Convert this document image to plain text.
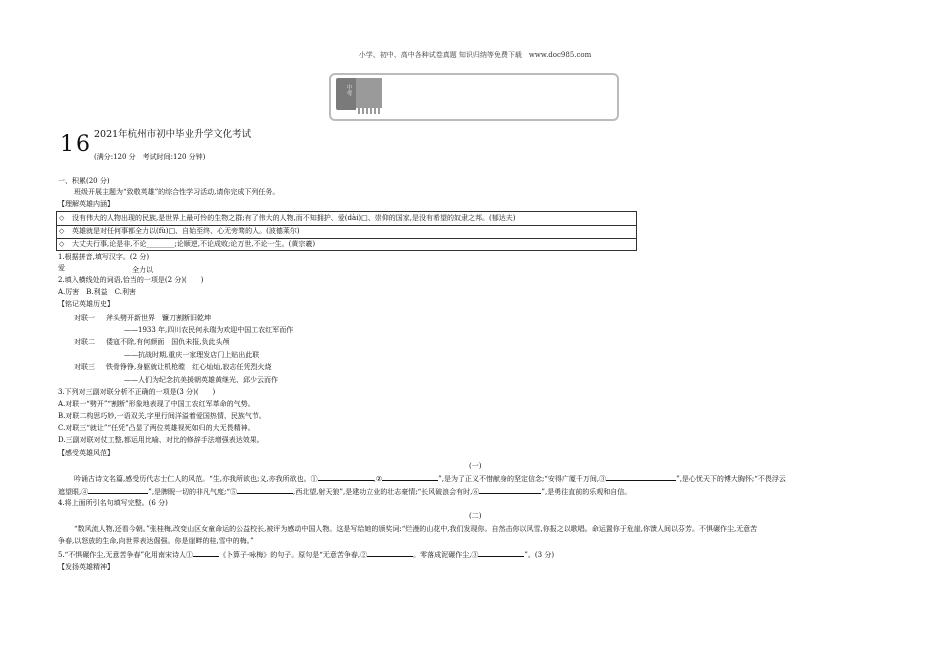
小学、初中、高中各种试卷真题 知识归纳等免费下载　www.doc985.com
中考
16 2021年杭州市初中毕业升学文化考试
(满分:120 分　考试时间:120 分钟)
一、积累(20 分)
班级开展主题为“致敬英雄”的综合性学习活动,请你完成下列任务。
【理解英雄内涵】
◇ 没有伟大的人物出现的民族,是世界上最可怜的生物之群;有了伟大的人物,而不知拥护、爱(dài)□、崇仰的国家,是没有希望的奴隶之邦。(郁达夫)
◇ 英雄就是对任何事都全力以(fù)□、自始至终、心无旁骛的人。(波德莱尔)
◇ 大丈夫行事,论是非,不论________;论顺逆,不论成败;论万世,不论一生。(黄宗羲)
1.根据拼音,填写汉字。(2 分)
爱	全力以
2.填入横线处的词语,恰当的一项是(2 分)(　　)
A.厉害　B.利益　C.利害
【铭记英雄历史】
对联一 斧头劈开新世界　镰刀割断旧乾坤
——1933 年,四川农民何永瑞为欢迎中国工农红军而作
对联二 倭寇不除,有何颜面　国仇未报,负此头颅
——抗战时期,重庆一家理发店门上贴出此联
对联三 铁骨铮铮,身躯就让机枪瞠　红心灿灿,寂志任凭烈火烧
——人们为纪念抗美援朝英雄黄继光、邱少云而作
3.下列对三副对联分析不正确的一项是(3 分)(　　)
A.对联一“劈开”“割断”形象地表现了中国工农红军革命的气势。
B.对联二构思巧妙,一语双关,字里行间洋溢着爱国热情、民族气节。
C.对联三“就让”“任凭”凸显了两位英雄视死如归的大无畏精神。
D.三副对联对仗工整,都运用比喻、对比的修辞手法增强表达效果。
【感受英雄风范】
(一)
吟诵古诗文名篇,感受历代志士仁人的风范。“生,亦我所欲也;义,亦我所欲也。①	,②	”,是为了正义不惜献身的坚定信念;“安得广厦千万间,③	”,是心忧天下的博大胸怀;“不畏浮云
遮望眼,④	”,是脾睨一切的非凡气度;“⑤	,西北望,射天狼”,是建功立业的壮志豪情;“长风破浪会有时,⑥	”,是勇往直前的乐观和自信。
4.将上面所引名句填写完整。(6 分)
(二)
“数风流人物,还看今朝。”张桂梅,改变山区女童命运的公益校长,被评为感动中国人物。这是写给她的颁奖词:“烂漫的山花中,我们发现你。自然击你以风雪,你报之以歌唱。命运置你于危崖,你馈人间以芬芳。不惧碾作尘,无意苦
争春,以怒放的生命,向世界表达倔强。你是崖畔的桂,雪中的梅。”
5.“不惧碾作尘,无意苦争春”化用南宋诗人①	《卜算子·咏梅》的句子。原句是“无意苦争春,②	。零落成泥碾作尘,③	”。(3 分)
【发扬英雄精神】
